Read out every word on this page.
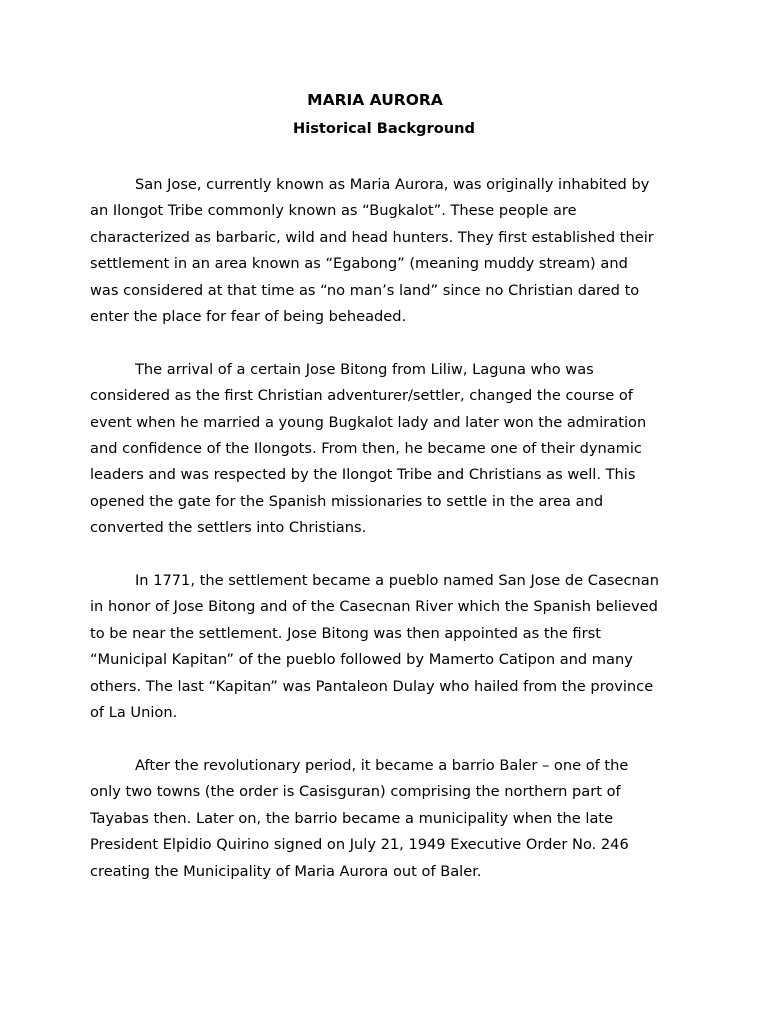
MARIA AURORA
Historical Background

San Jose, currently known as Maria Aurora, was originally inhabited by
an Ilongot Tribe commonly known as “Bugkalot”. These people are
characterized as barbaric, wild and head hunters. They first established their
settlement in an area known as “Egabong” (meaning muddy stream) and
was considered at that time as “no man’s land” since no Christian dared to
enter the place for fear of being beheaded.

The arrival of a certain Jose Bitong from Liliw, Laguna who was
considered as the first Christian adventurer/settler, changed the course of
event when he married a young Bugkalot lady and later won the admiration
and confidence of the Ilongots. From then, he became one of their dynamic
leaders and was respected by the Ilongot Tribe and Christians as well. This
opened the gate for the Spanish missionaries to settle in the area and
converted the settlers into Christians.

In 1771, the settlement became a pueblo named San Jose de Casecnan
in honor of Jose Bitong and of the Casecnan River which the Spanish believed
to be near the settlement. Jose Bitong was then appointed as the first
“Municipal Kapitan” of the pueblo followed by Mamerto Catipon and many
others. The last “Kapitan” was Pantaleon Dulay who hailed from the province
of La Union.

After the revolutionary period, it became a barrio Baler – one of the
only two towns (the order is Casisguran) comprising the northern part of
Tayabas then. Later on, the barrio became a municipality when the late
President Elpidio Quirino signed on July 21, 1949 Executive Order No. 246
creating the Municipality of Maria Aurora out of Baler.
